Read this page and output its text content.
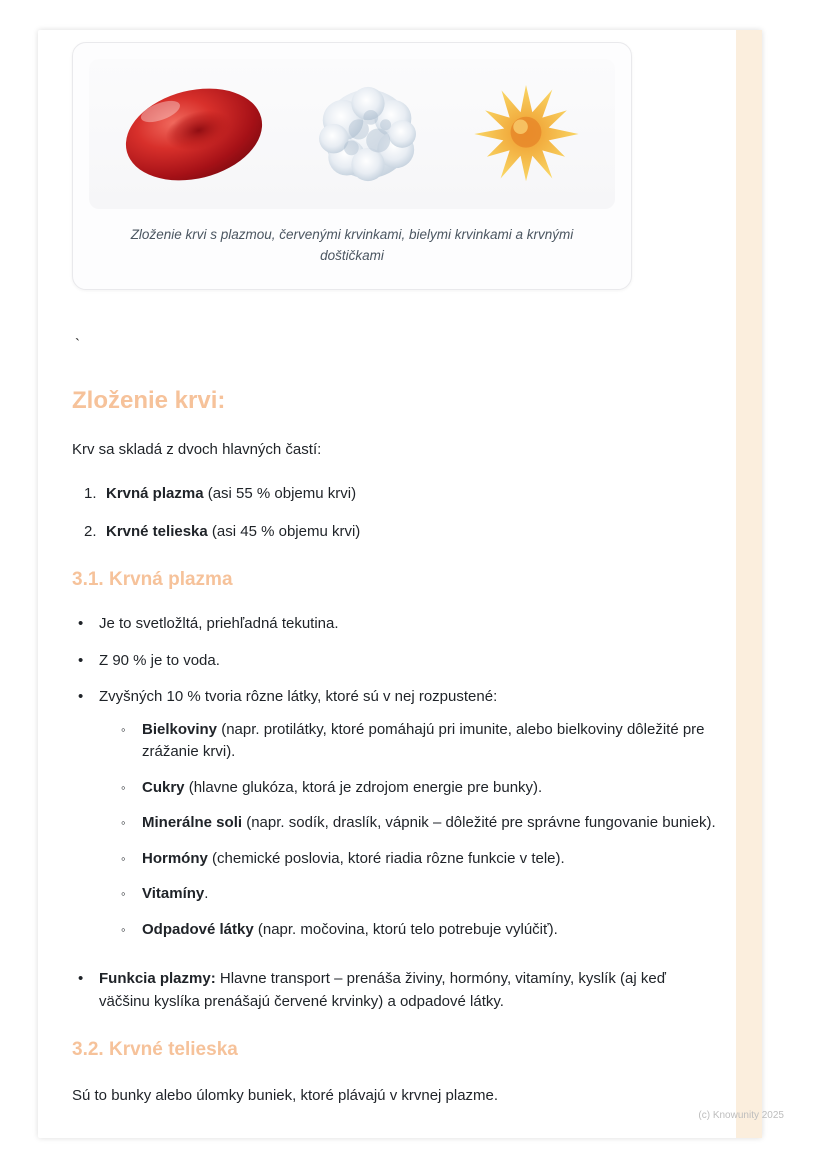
Zloženie krvi s plazmou, červenými krvinkami, bielymi krvinkami a krvnými doštičkami
`
Zloženie krvi:

Krv sa skladá z dvoch hlavných častí:

1. Krvná plazma (asi 55 % objemu krvi)
2. Krvné telieska (asi 45 % objemu krvi)
3.1. Krvná plazma
•	Je to svetložltá, priehľadná tekutina.
•	Z 90 % je to voda.
•	Zvyšných 10 % tvoria rôzne látky, ktoré sú v nej rozpustené:
◦	Bielkoviny (napr. protilátky, ktoré pomáhajú pri imunite, alebo bielkoviny dôležité pre zrážanie krvi).
◦	Cukry (hlavne glukóza, ktorá je zdrojom energie pre bunky).
◦	Minerálne soli (napr. sodík, draslík, vápnik – dôležité pre správne fungovanie buniek).
◦	Hormóny (chemické poslovia, ktoré riadia rôzne funkcie v tele).
◦	Vitamíny.
◦	Odpadové látky (napr. močovina, ktorú telo potrebuje vylúčiť).
•	Funkcia plazmy: Hlavne transport – prenáša živiny, hormóny, vitamíny, kyslík (aj keď väčšinu kyslíka prenášajú červené krvinky) a odpadové látky.
3.2. Krvné telieska

Sú to bunky alebo úlomky buniek, ktoré plávajú v krvnej plazme.

(c) Knowunity 2025
